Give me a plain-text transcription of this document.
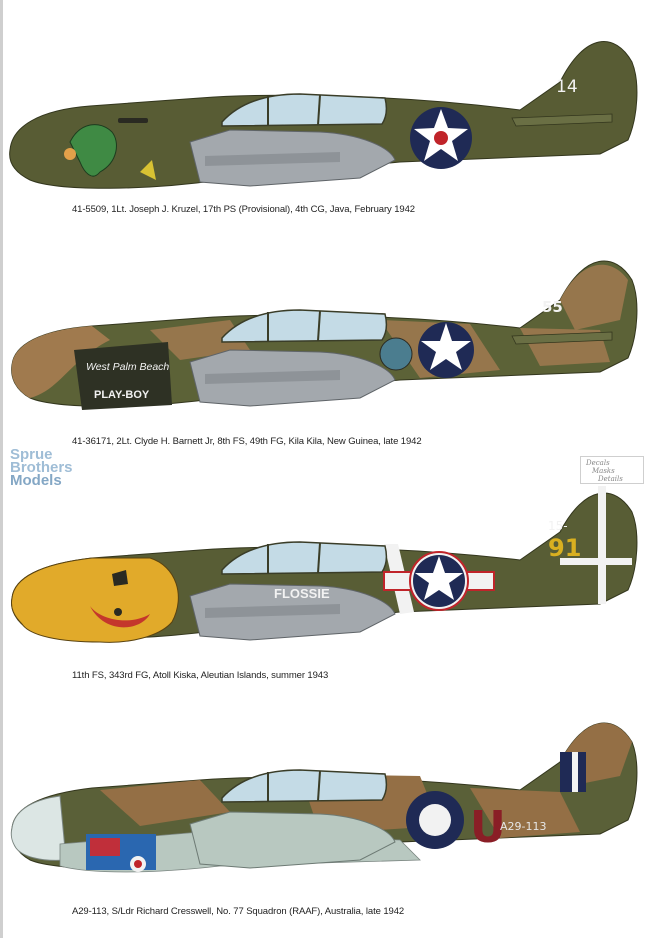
14
41-5509, 1Lt. Joseph J. Kruzel, 17th PS (Provisional), 4th CG, Java, February 1942
West Palm Beach
PLAY-BOY
55
41-36171, 2Lt. Clyde H. Barnett Jr, 8th FS, 49th FG, Kila Kila, New Guinea, late 1942
Sprue
Brothers
Models
Decals
Masks
Details
FLOSSIE
15-
91
11th FS, 343rd FG, Atoll Kiska, Aleutian Islands, summer 1943
U
A29-113
A29-113, S/Ldr Richard Cresswell, No. 77 Squadron (RAAF), Australia, late 1942
